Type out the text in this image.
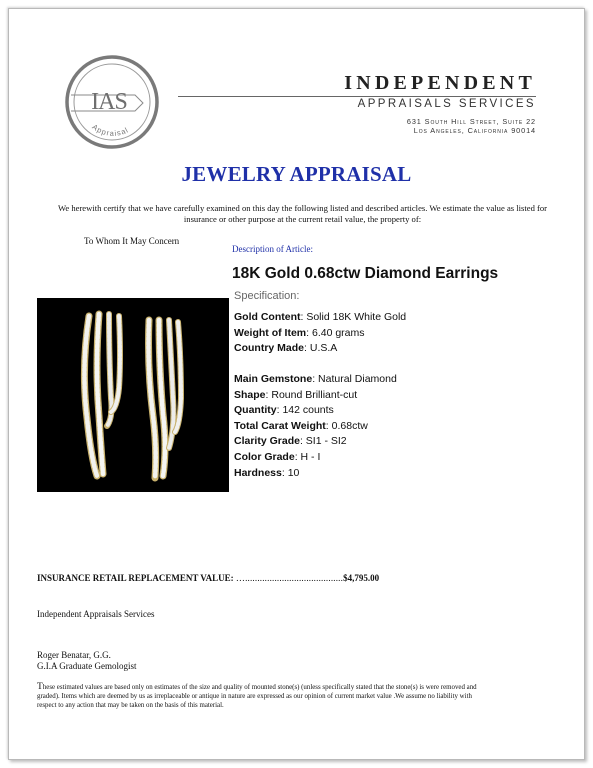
IAS
Appraisal
INDEPENDENT
APPRAISALS SERVICES
631 South Hill Street, Suite 22
Los Angeles, California 90014
JEWELRY APPRAISAL
We herewith certify that we have carefully examined on this day the following listed and described articles. We estimate the value as listed for
insurance or other purpose at the current retail value, the property of:
To Whom It May Concern
Description of Article:
18K Gold 0.68ctw Diamond Earrings
Specification:
Gold Content: Solid 18K White Gold
Weight of Item: 6.40 grams
Country Made: U.S.A
Main Gemstone: Natural Diamond
Shape: Round Brilliant-cut
Quantity: 142 counts
Total Carat Weight: 0.68ctw
Clarity Grade: SI1 - SI2
Color Grade: H - I
Hardness: 10
INSURANCE RETAIL REPLACEMENT VALUE: …........................................$4,795.00
Independent Appraisals Services
Roger Benatar, G.G.
G.I.A Graduate Gemologist
These estimated values are based only on estimates of the size and quality of mounted stone(s) (unless specifically stated that the stone(s) is were removed and graded). Items which are deemed by us as irreplaceable or antique in nature are expressed as our opinion of current market value .We assume no liability with respect to any action that may be taken on the basis of this material.
